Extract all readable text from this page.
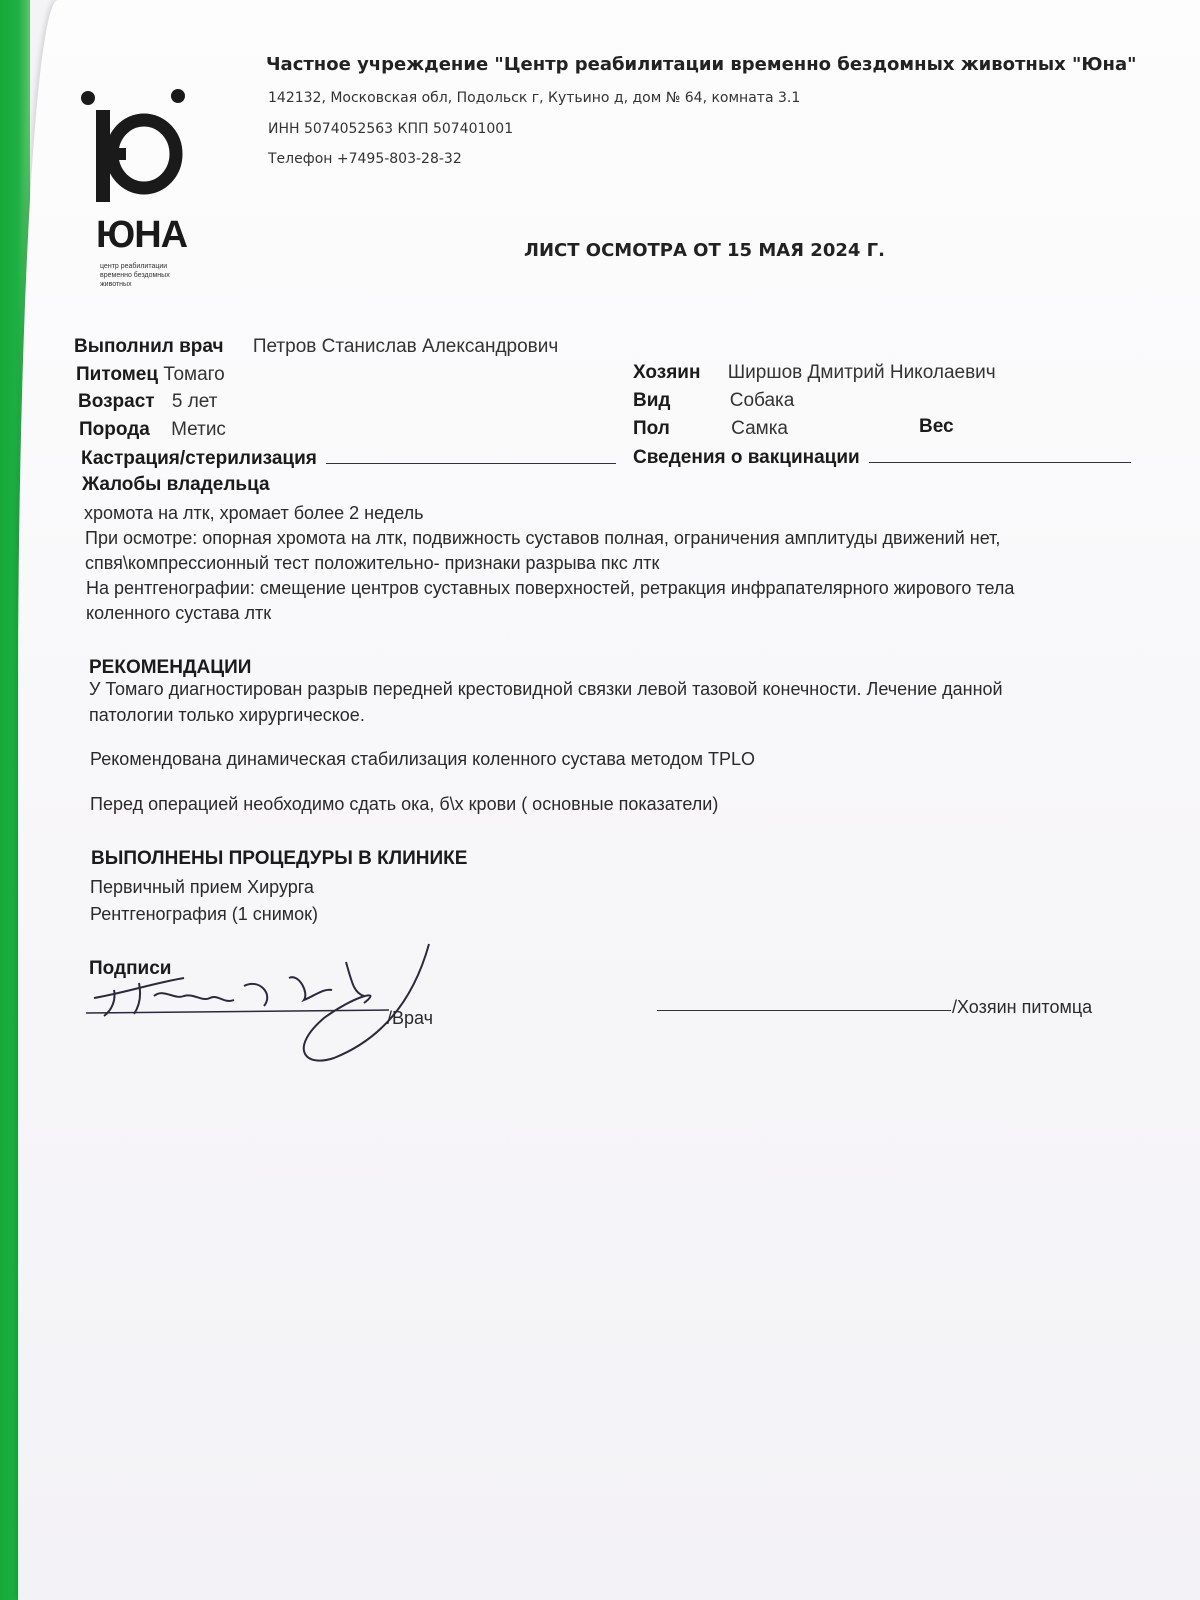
ЮНА
центр реабилитации
временно бездомных
животных
Частное учреждение "Центр реабилитации временно бездомных животных "Юна"
142132, Московская обл, Подольск г, Кутьино д, дом № 64, комната 3.1
ИНН 5074052563 КПП 507401001
Телефон +7495-803-28-32
ЛИСТ ОСМОТРА ОТ 15 МАЯ 2024 Г.
Выполнил врач Петров Станислав Александрович
Питомец Томаго	Хозяин Ширшов Дмитрий Николаевич
Возраст 5 лет	Вид	Собака
Порода Метис	Пол	Самка	Вес
Кастрация/стерилизация	Сведения о вакцинации
Жалобы владельца
хромота на лтк, хромает более 2 недель
При осмотре: опорная хромота на лтк, подвижность суставов полная, ограничения амплитуды движений нет,
спвя\компрессионный тест положительно- признаки разрыва пкс лтк
На рентгенографии: смещение центров суставных поверхностей, ретракция инфрапателярного жирового тела
коленного сустава лтк
РЕКОМЕНДАЦИИ
У Томаго диагностирован разрыв передней крестовидной связки левой тазовой конечности. Лечение данной
патологии только хирургическое.
Рекомендована динамическая стабилизация коленного сустава методом TPLO
Перед операцией необходимо сдать ока, б\х крови ( основные показатели)
ВЫПОЛНЕНЫ ПРОЦЕДУРЫ В КЛИНИКЕ
Первичный прием Хирурга
Рентгенография (1 снимок)
Подписи
/Врач
/Хозяин питомца
